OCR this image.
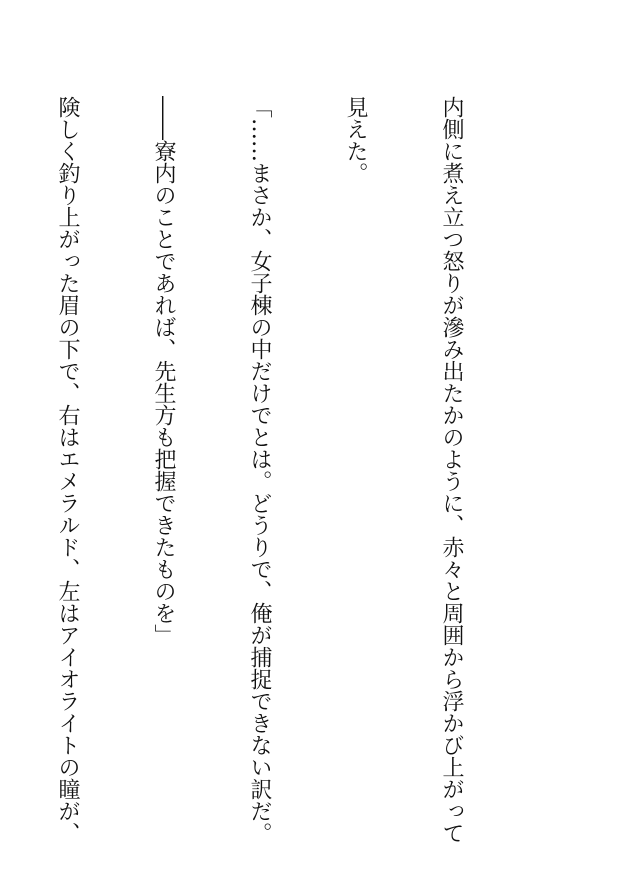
内側に煮え立つ怒りが滲み出たかのように、赤々と周囲から浮かび上がって

見えた。

「……まさか、女子棟の中だけでとは。どうりで、俺が捕捉できない訳だ。

――寮内のことであれば、先生方も把握できたものを」

険しく釣り上がった眉の下で、右はエメラルド、左はアイオライトの瞳が、
